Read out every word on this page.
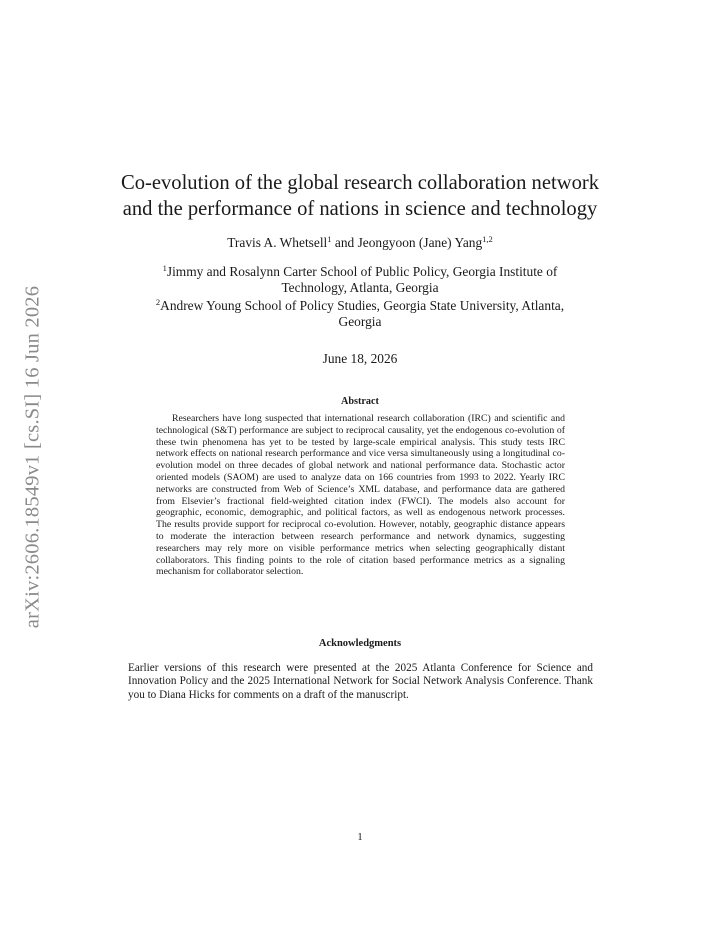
arXiv:2606.18549v1 [cs.SI] 16 Jun 2026
Co-evolution of the global research collaboration network
and the performance of nations in science and technology
Travis A. Whetsell$^1$ and Jeongyoon (Jane) Yang$^{1,2}$
$^1$Jimmy and Rosalynn Carter School of Public Policy, Georgia Institute of
Technology, Atlanta, Georgia
$^2$Andrew Young School of Policy Studies, Georgia State University, Atlanta,
Georgia
June 18, 2026
Abstract

Researchers have long suspected that international research collaboration (IRC) and scientific and technological (S&T) performance are subject to reciprocal causality, yet the endogenous co-evolution of these twin phenomena has yet to be tested by large-scale empirical analysis. This study tests IRC network effects on national research performance and vice versa simultaneously using a longitudinal co-evolution model on three decades of global network and national performance data. Stochastic actor oriented models (SAOM) are used to analyze data on 166 countries from 1993 to 2022. Yearly IRC networks are constructed from Web of Science’s XML database, and performance data are gathered from Elsevier’s fractional field-weighted citation index (FWCI). The models also account for geographic, economic, demographic, and political factors, as well as endogenous network processes. The results provide support for reciprocal co-evolution. However, notably, geographic distance appears to moderate the interaction between research performance and network dynamics, suggesting researchers may rely more on visible performance metrics when selecting geographically distant collaborators. This finding points to the role of citation based performance metrics as a signaling mechanism for collaborator selection.

Acknowledgments

Earlier versions of this research were presented at the 2025 Atlanta Conference for Science and Innovation Policy and the 2025 International Network for Social Network Analysis Conference. Thank you to Diana Hicks for comments on a draft of the manuscript.

1
